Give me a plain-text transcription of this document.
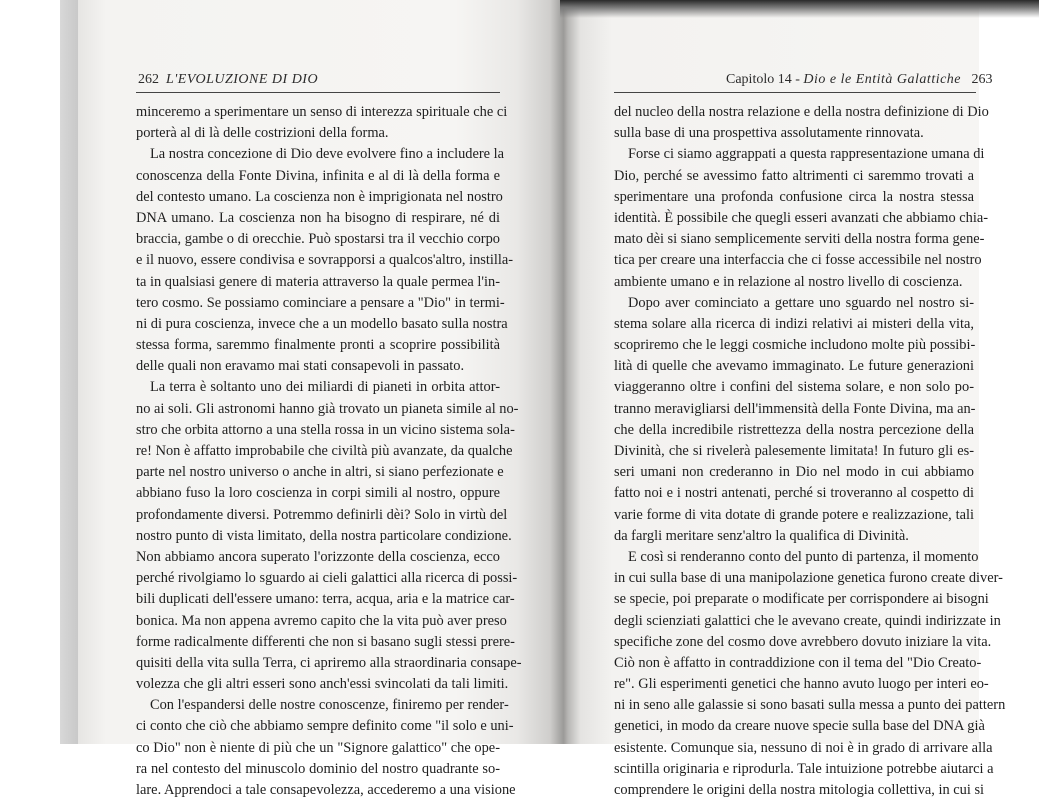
262 L'EVOLUZIONE DI DIO	Capitolo 14 - Dio e le Entità Galattiche 263
minceremo a sperimentare un senso di interezza spirituale che ci
porterà al di là delle costrizioni della forma.
La nostra concezione di Dio deve evolvere fino a includere la
conoscenza della Fonte Divina, infinita e al di là della forma e
del contesto umano. La coscienza non è imprigionata nel nostro
DNA umano. La coscienza non ha bisogno di respirare, né di
braccia, gambe o di orecchie. Può spostarsi tra il vecchio corpo
e il nuovo, essere condivisa e sovrapporsi a qualcos'altro, instilla-
ta in qualsiasi genere di materia attraverso la quale permea l'in-
tero cosmo. Se possiamo cominciare a pensare a "Dio" in termi-
ni di pura coscienza, invece che a un modello basato sulla nostra
stessa forma, saremmo finalmente pronti a scoprire possibilità
delle quali non eravamo mai stati consapevoli in passato.
La terra è soltanto uno dei miliardi di pianeti in orbita attor-
no ai soli. Gli astronomi hanno già trovato un pianeta simile al no-
stro che orbita attorno a una stella rossa in un vicino sistema sola-
re! Non è affatto improbabile che civiltà più avanzate, da qualche
parte nel nostro universo o anche in altri, si siano perfezionate e
abbiano fuso la loro coscienza in corpi simili al nostro, oppure
profondamente diversi. Potremmo definirli dèi? Solo in virtù del
nostro punto di vista limitato, della nostra particolare condizione.
Non abbiamo ancora superato l'orizzonte della coscienza, ecco
perché rivolgiamo lo sguardo ai cieli galattici alla ricerca di possi-
bili duplicati dell'essere umano: terra, acqua, aria e la matrice car-
bonica. Ma non appena avremo capito che la vita può aver preso
forme radicalmente differenti che non si basano sugli stessi prere-
quisiti della vita sulla Terra, ci apriremo alla straordinaria consape-
volezza che gli altri esseri sono anch'essi svincolati da tali limiti.
Con l'espandersi delle nostre conoscenze, finiremo per render-
ci conto che ciò che abbiamo sempre definito come "il solo e uni-
co Dio" non è niente di più che un "Signore galattico" che ope-
ra nel contesto del minuscolo dominio del nostro quadrante so-
lare. Apprendoci a tale consapevolezza, accederemo a una visione
del nucleo della nostra relazione e della nostra definizione di Dio
sulla base di una prospettiva assolutamente rinnovata.
Forse ci siamo aggrappati a questa rappresentazione umana di
Dio, perché se avessimo fatto altrimenti ci saremmo trovati a
sperimentare una profonda confusione circa la nostra stessa
identità. È possibile che quegli esseri avanzati che abbiamo chia-
mato dèi si siano semplicemente serviti della nostra forma gene-
tica per creare una interfaccia che ci fosse accessibile nel nostro
ambiente umano e in relazione al nostro livello di coscienza.
Dopo aver cominciato a gettare uno sguardo nel nostro si-
stema solare alla ricerca di indizi relativi ai misteri della vita,
scopriremo che le leggi cosmiche includono molte più possibi-
lità di quelle che avevamo immaginato. Le future generazioni
viaggeranno oltre i confini del sistema solare, e non solo po-
tranno meravigliarsi dell'immensità della Fonte Divina, ma an-
che della incredibile ristrettezza della nostra percezione della
Divinità, che si rivelerà palesemente limitata! In futuro gli es-
seri umani non crederanno in Dio nel modo in cui abbiamo
fatto noi e i nostri antenati, perché si troveranno al cospetto di
varie forme di vita dotate di grande potere e realizzazione, tali
da fargli meritare senz'altro la qualifica di Divinità.
E così si renderanno conto del punto di partenza, il momento
in cui sulla base di una manipolazione genetica furono create diver-
se specie, poi preparate o modificate per corrispondere ai bisogni
degli scienziati galattici che le avevano create, quindi indirizzate in
specifiche zone del cosmo dove avrebbero dovuto iniziare la vita.
Ciò non è affatto in contraddizione con il tema del "Dio Creato-
re". Gli esperimenti genetici che hanno avuto luogo per interi eo-
ni in seno alle galassie si sono basati sulla messa a punto dei pattern
genetici, in modo da creare nuove specie sulla base del DNA già
esistente. Comunque sia, nessuno di noi è in grado di arrivare alla
scintilla originaria e riprodurla. Tale intuizione potrebbe aiutarci a
comprendere le origini della nostra mitologia collettiva, in cui si
